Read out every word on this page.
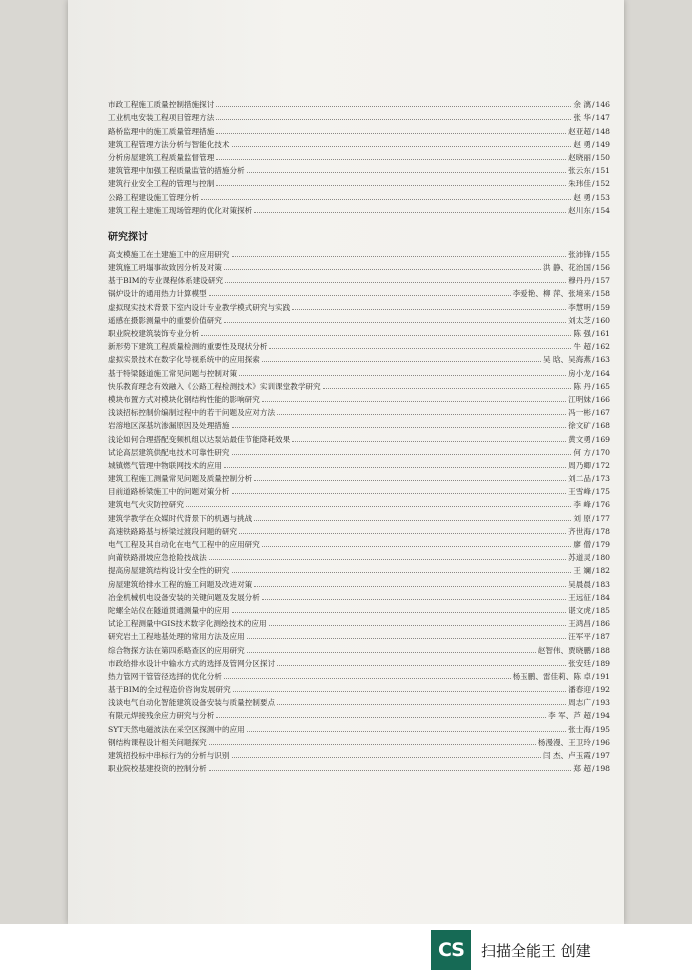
市政工程施工质量控制措施探讨	余 漓 / 146
工业机电安装工程项目管理方法	张 华 / 147
路桥监理中的施工质量管理措施	赵亚超 / 148
建筑工程管理方法分析与智能化技术	赵 勇 / 149
分析房屋建筑工程质量监督管理	赵晓丽 / 150
建筑管理中加强工程质量监管的措施分析	张云东 / 151
建筑行业安全工程的管理与控制	朱玮佳 / 152
公路工程建设施工管理分析	赵 勇 / 153
建筑工程土建施工现场管理的优化对策探析	赵川东 / 154
研究探讨
高支模施工在土建施工中的应用研究	张沛锋 / 155
建筑施工坍塌事故致因分析及对策	洪 静、花治国 / 156
基于BIM的专业课程体系建设研究	穆丹丹 / 157
锅炉设计的通用热力计算模型	李爱艳、柳 萍、张境来 / 158
虚拟现实技术背景下室内设计专业教学模式研究与实践	李慧明 / 159
遥感在摄影测量中的重要价值研究	刘太芝 / 160
职业院校建筑装饰专业分析	陈 强 / 161
新形势下建筑工程质量检测的重要性及现状分析	牛 超 / 162
虚拟实景技术在数字化导视系统中的应用探索	吴 晗、吴海燕 / 163
基于特梁隧道施工常见问题与控制对策	房小龙 / 164
快乐教育理念有效融入《公路工程检测技术》实训课堂教学研究	陈 丹 / 165
模块布置方式对模块化钢结构性能的影响研究	江明妹 / 166
浅谈招标控制价编制过程中的若干问题及应对方法	冯一彬 / 167
岩溶地区深基坑渗漏原因及处理措施	徐文矿 / 168
浅论如何合理搭配变频机组以达泵站最佳节能降耗效果	黄文勇 / 169
试论高层建筑供配电技术可靠性研究	何 方 / 170
城镇燃气管理中物联网技术的应用	周乃卿 / 172
建筑工程施工测量常见问题及质量控制分析	刘二品 / 173
目前道路桥梁施工中的问题对策分析	王雪峰 / 175
建筑电气火灾防控研究	李 峰 / 176
建筑学教学在众媒时代背景下的机遇与挑战	刘 原 / 177
高速铁路路基与桥梁过渡段问题的研究	齐世海 / 178
电气工程及其自动化在电气工程中的应用研究	廖 僧 / 179
向莆铁路滑坡应急抢险技战法	苏道灵 / 180
提高房屋建筑结构设计安全性的研究	王 斓 / 182
房屋建筑给排水工程的施工问题及改进对策	吴晨晨 / 183
冶金机械机电设备安装的关键问题及发展分析	王远征 / 184
陀螺全站仪在隧道贯通测量中的应用	谌文虎 / 185
试论工程测量中GIS技术数字化测绘技术的应用	王鸿昌 / 186
研究岩土工程地基处理的常用方法及应用	汪军平 / 187
综合物探方法在第四系略查区的应用研究	赵智伟、贾晓鹏 / 188
市政给排水设计中输水方式的选择及管网分区探讨	张安廷 / 189
热力管网干管管径选择的优化分析	杨玉鹏、雷佳莉、陈 卓 / 191
基于BIM的全过程造价咨询发展研究	潘春迎 / 192
浅谈电气自动化智能建筑设备安装与质量控制要点	周志广 / 193
有限元焊接残余应力研究与分析	李 军、芦 超 / 194
SYT天然电磁波法在采空区探测中的应用	张士海 / 195
钢结构课程设计相关问题探究	杨漫漫、王卫玲 / 196
建筑招投标中串标行为的分析与识别	闫 杰、卢玉霞 / 197
职业院校基建投资的控制分析	郑 超 / 198
CS	扫描全能王 创建
